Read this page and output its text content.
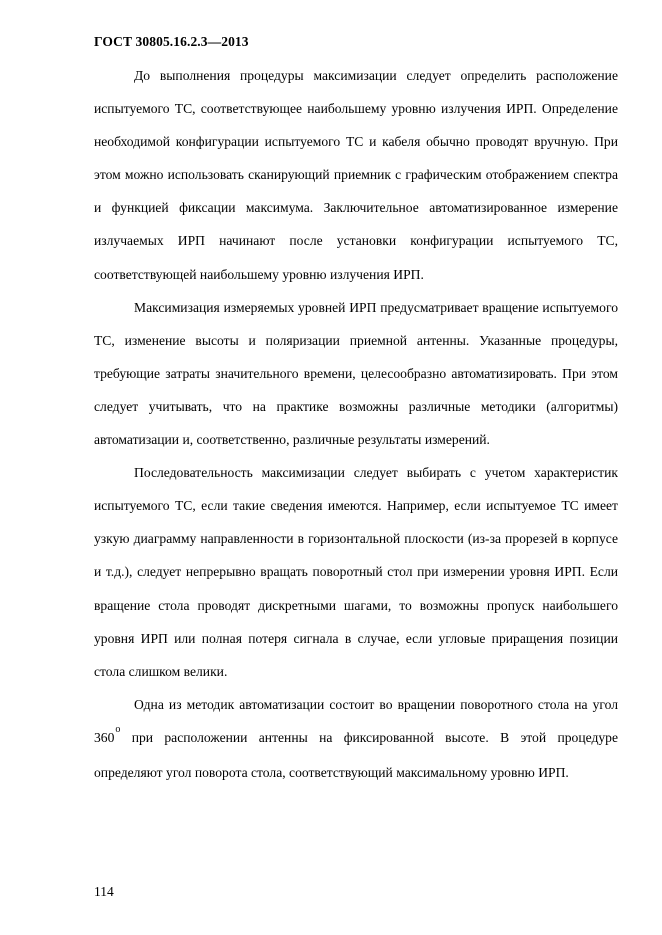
ГОСТ 30805.16.2.3—2013

До выполнения процедуры максимизации следует определить расположение испытуемого ТС, соответствующее наибольшему уровню излучения ИРП. Определение необходимой конфигурации испытуемого ТС и кабеля обычно проводят вручную. При этом можно использовать сканирующий приемник с графическим отображением спектра и функцией фиксации максимума. Заключительное автоматизированное измерение излучаемых ИРП начинают после установки конфигурации испытуемого ТС, соответствующей наибольшему уровню излучения ИРП.

Максимизация измеряемых уровней ИРП предусматривает вращение испытуемого ТС, изменение высоты и поляризации приемной антенны. Указанные процедуры, требующие затраты значительного времени, целесообразно автоматизировать. При этом следует учитывать, что на практике возможны различные методики (алгоритмы) автоматизации и, соответственно, различные результаты измерений.

Последовательность максимизации следует выбирать с учетом характеристик испытуемого ТС, если такие сведения имеются. Например, если испытуемое ТС имеет узкую диаграмму направленности в горизонтальной плоскости (из-за прорезей в корпусе и т.д.), следует непрерывно вращать поворотный стол при измерении уровня ИРП. Если вращение стола проводят дискретными шагами, то возможны пропуск наибольшего уровня ИРП или полная потеря сигнала в случае, если угловые приращения позиции стола слишком велики.

Одна из методик автоматизации состоит во вращении поворотного стола на угол $360^о$ при расположении антенны на фиксированной высоте. В этой процедуре определяют угол поворота стола, соответствующий максимальному уровню ИРП.

114
